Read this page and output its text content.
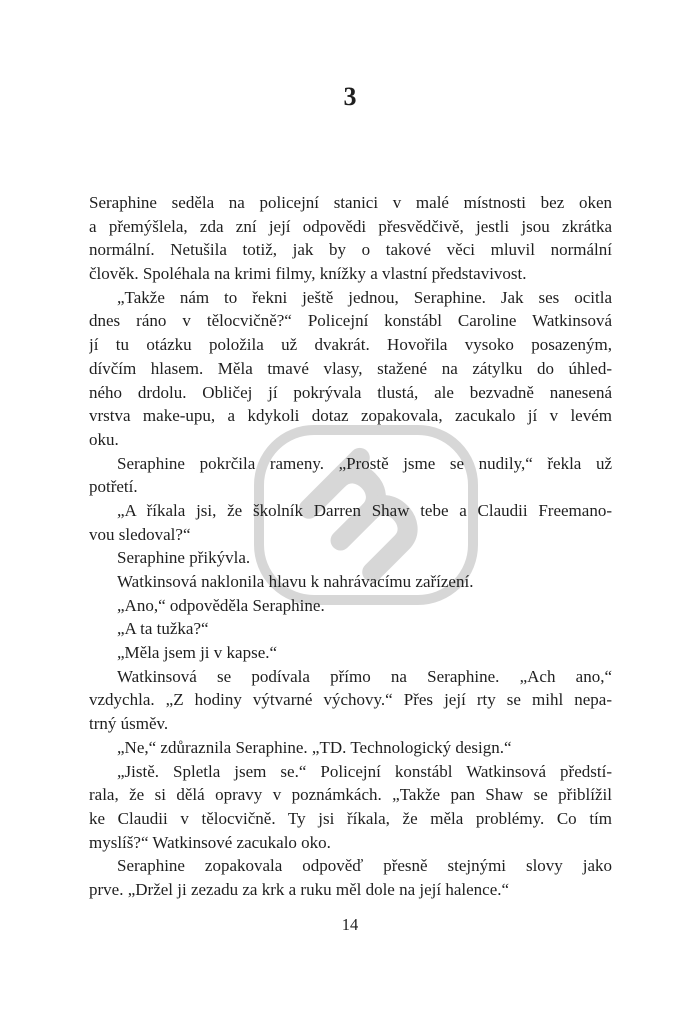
3
Seraphine seděla na policejní stanici v malé místnosti bez oken
a přemýšlela, zda zní její odpovědi přesvědčivě, jestli jsou zkrátka
normální. Netušila totiž, jak by o takové věci mluvil normální
člověk. Spoléhala na krimi filmy, knížky a vlastní představivost.
„Takže nám to řekni ještě jednou, Seraphine. Jak ses ocitla
dnes ráno v tělocvičně?“ Policejní konstábl Caroline Watkinsová
jí tu otázku položila už dvakrát. Hovořila vysoko posazeným,
dívčím hlasem. Měla tmavé vlasy, stažené na zátylku do úhled-
ného drdolu. Obličej jí pokrývala tlustá, ale bezvadně nanesená
vrstva make-upu, a kdykoli dotaz zopakovala, zacukalo jí v levém
oku.
Seraphine pokrčila rameny. „Prostě jsme se nudily,“ řekla už
potřetí.
„A říkala jsi, že školník Darren Shaw tebe a Claudii Freemano-
vou sledoval?“
Seraphine přikývla.
Watkinsová naklonila hlavu k nahrávacímu zařízení.
„Ano,“ odpověděla Seraphine.
„A ta tužka?“
„Měla jsem ji v kapse.“
Watkinsová se podívala přímo na Seraphine. „Ach ano,“
vzdychla. „Z hodiny výtvarné výchovy.“ Přes její rty se mihl nepa-
trný úsměv.
„Ne,“ zdůraznila Seraphine. „TD. Technologický design.“
„Jistě. Spletla jsem se.“ Policejní konstábl Watkinsová předstí-
rala, že si dělá opravy v poznámkách. „Takže pan Shaw se přiblížil
ke Claudii v tělocvičně. Ty jsi říkala, že měla problémy. Co tím
myslíš?“ Watkinsové zacukalo oko.
Seraphine zopakovala odpověď přesně stejnými slovy jako
prve. „Držel ji zezadu za krk a ruku měl dole na její halence.“
14
